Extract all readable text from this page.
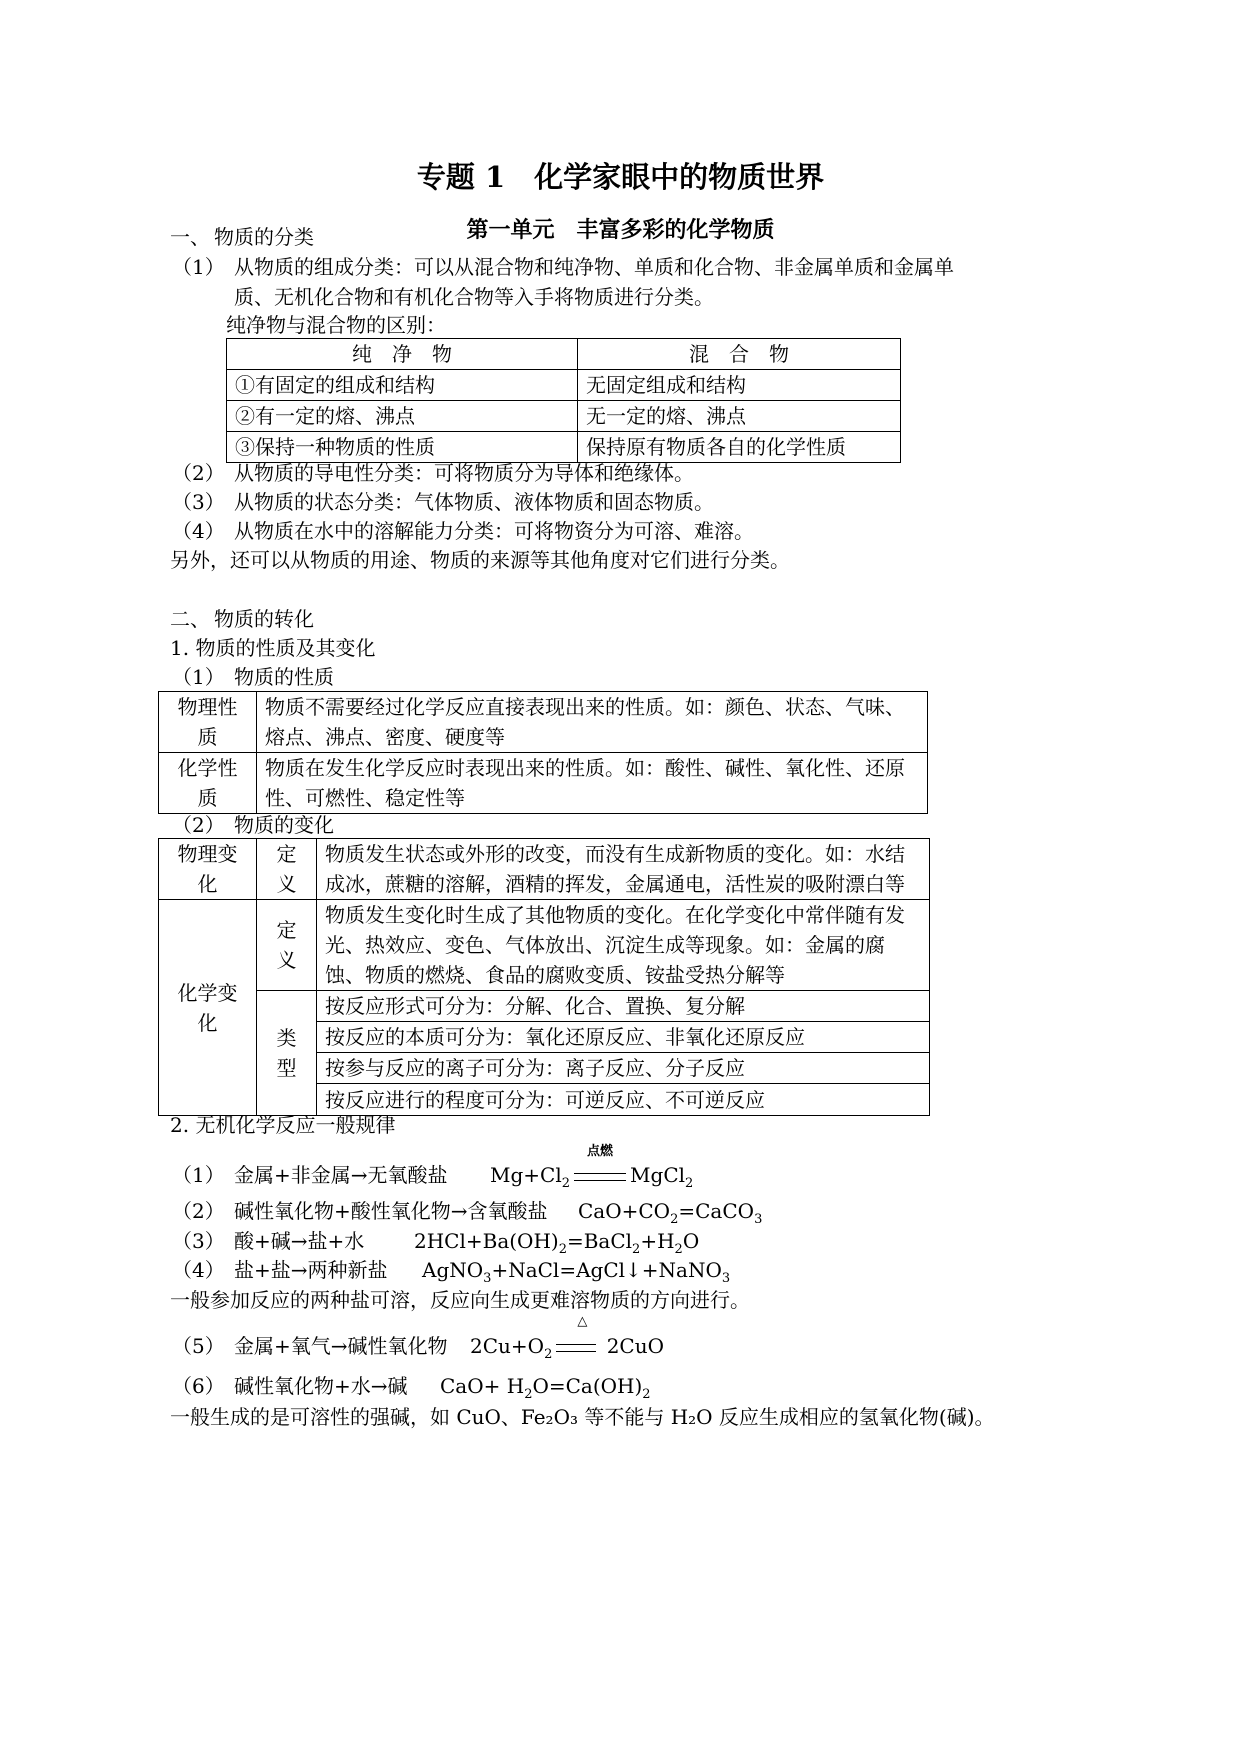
专题 1　化学家眼中的物质世界
第一单元　丰富多彩的化学物质
一、 物质的分类
（1） 从物质的组成分类：可以从混合物和纯净物、单质和化合物、非金属单质和金属单
质、无机化合物和有机化合物等入手将物质进行分类。
纯净物与混合物的区别：
纯　净　物	混　合　物
①有固定的组成和结构	无固定组成和结构
②有一定的熔、沸点	无一定的熔、沸点
③保持一种物质的性质	保持原有物质各自的化学性质
（2） 从物质的导电性分类：可将物质分为导体和绝缘体。
（3） 从物质的状态分类：气体物质、液体物质和固态物质。
（4） 从物质在水中的溶解能力分类：可将物资分为可溶、难溶。
另外，还可以从物质的用途、物质的来源等其他角度对它们进行分类。
二、 物质的转化
1. 物质的性质及其变化
（1） 物质的性质
物理性质	物质不需要经过化学反应直接表现出来的性质。如：颜色、状态、气味、熔点、沸点、密度、硬度等
化学性质	物质在发生化学反应时表现出来的性质。如：酸性、碱性、氧化性、还原性、可燃性、稳定性等
（2） 物质的变化
物理变化	定义	物质发生状态或外形的改变，而没有生成新物质的变化。如：水结成冰，蔗糖的溶解，酒精的挥发，金属通电，活性炭的吸附漂白等
化学变化	定义	物质发生变化时生成了其他物质的变化。在化学变化中常伴随有发光、热效应、变色、气体放出、沉淀生成等现象。如：金属的腐蚀、物质的燃烧、食品的腐败变质、铵盐受热分解等
	类型	按反应形式可分为：分解、化合、置换、复分解
		按反应的本质可分为：氧化还原反应、非氧化还原反应
		按参与反应的离子可分为：离子反应、分子反应
		按反应进行的程度可分为：可逆反应、不可逆反应
2. 无机化学反应一般规律
（1） 金属+非金属→无氧酸盐 $Mg+Cl_2$
点燃
MgCl$_2$
（2） 碱性氧化物+酸性氧化物→含氧酸盐 $CaO+CO_2=CaCO_3$
（3） 酸+碱→盐+水 $2HCl+Ba(OH)_2=BaCl_2+H_2O$
（4） 盐+盐→两种新盐 AgNO$_3$+NaCl=AgCl↓+NaNO$_3$
一般参加反应的两种盐可溶，反应向生成更难溶物质的方向进行。
（5） 金属+氧气→碱性氧化物 $2Cu+O_2$
△
2CuO
（6） 碱性氧化物+水→碱 $CaO+ H_2O=Ca(OH)_2$
一般生成的是可溶性的强碱，如 CuO、Fe₂O₃ 等不能与 H₂O 反应生成相应的氢氧化物(碱)。
